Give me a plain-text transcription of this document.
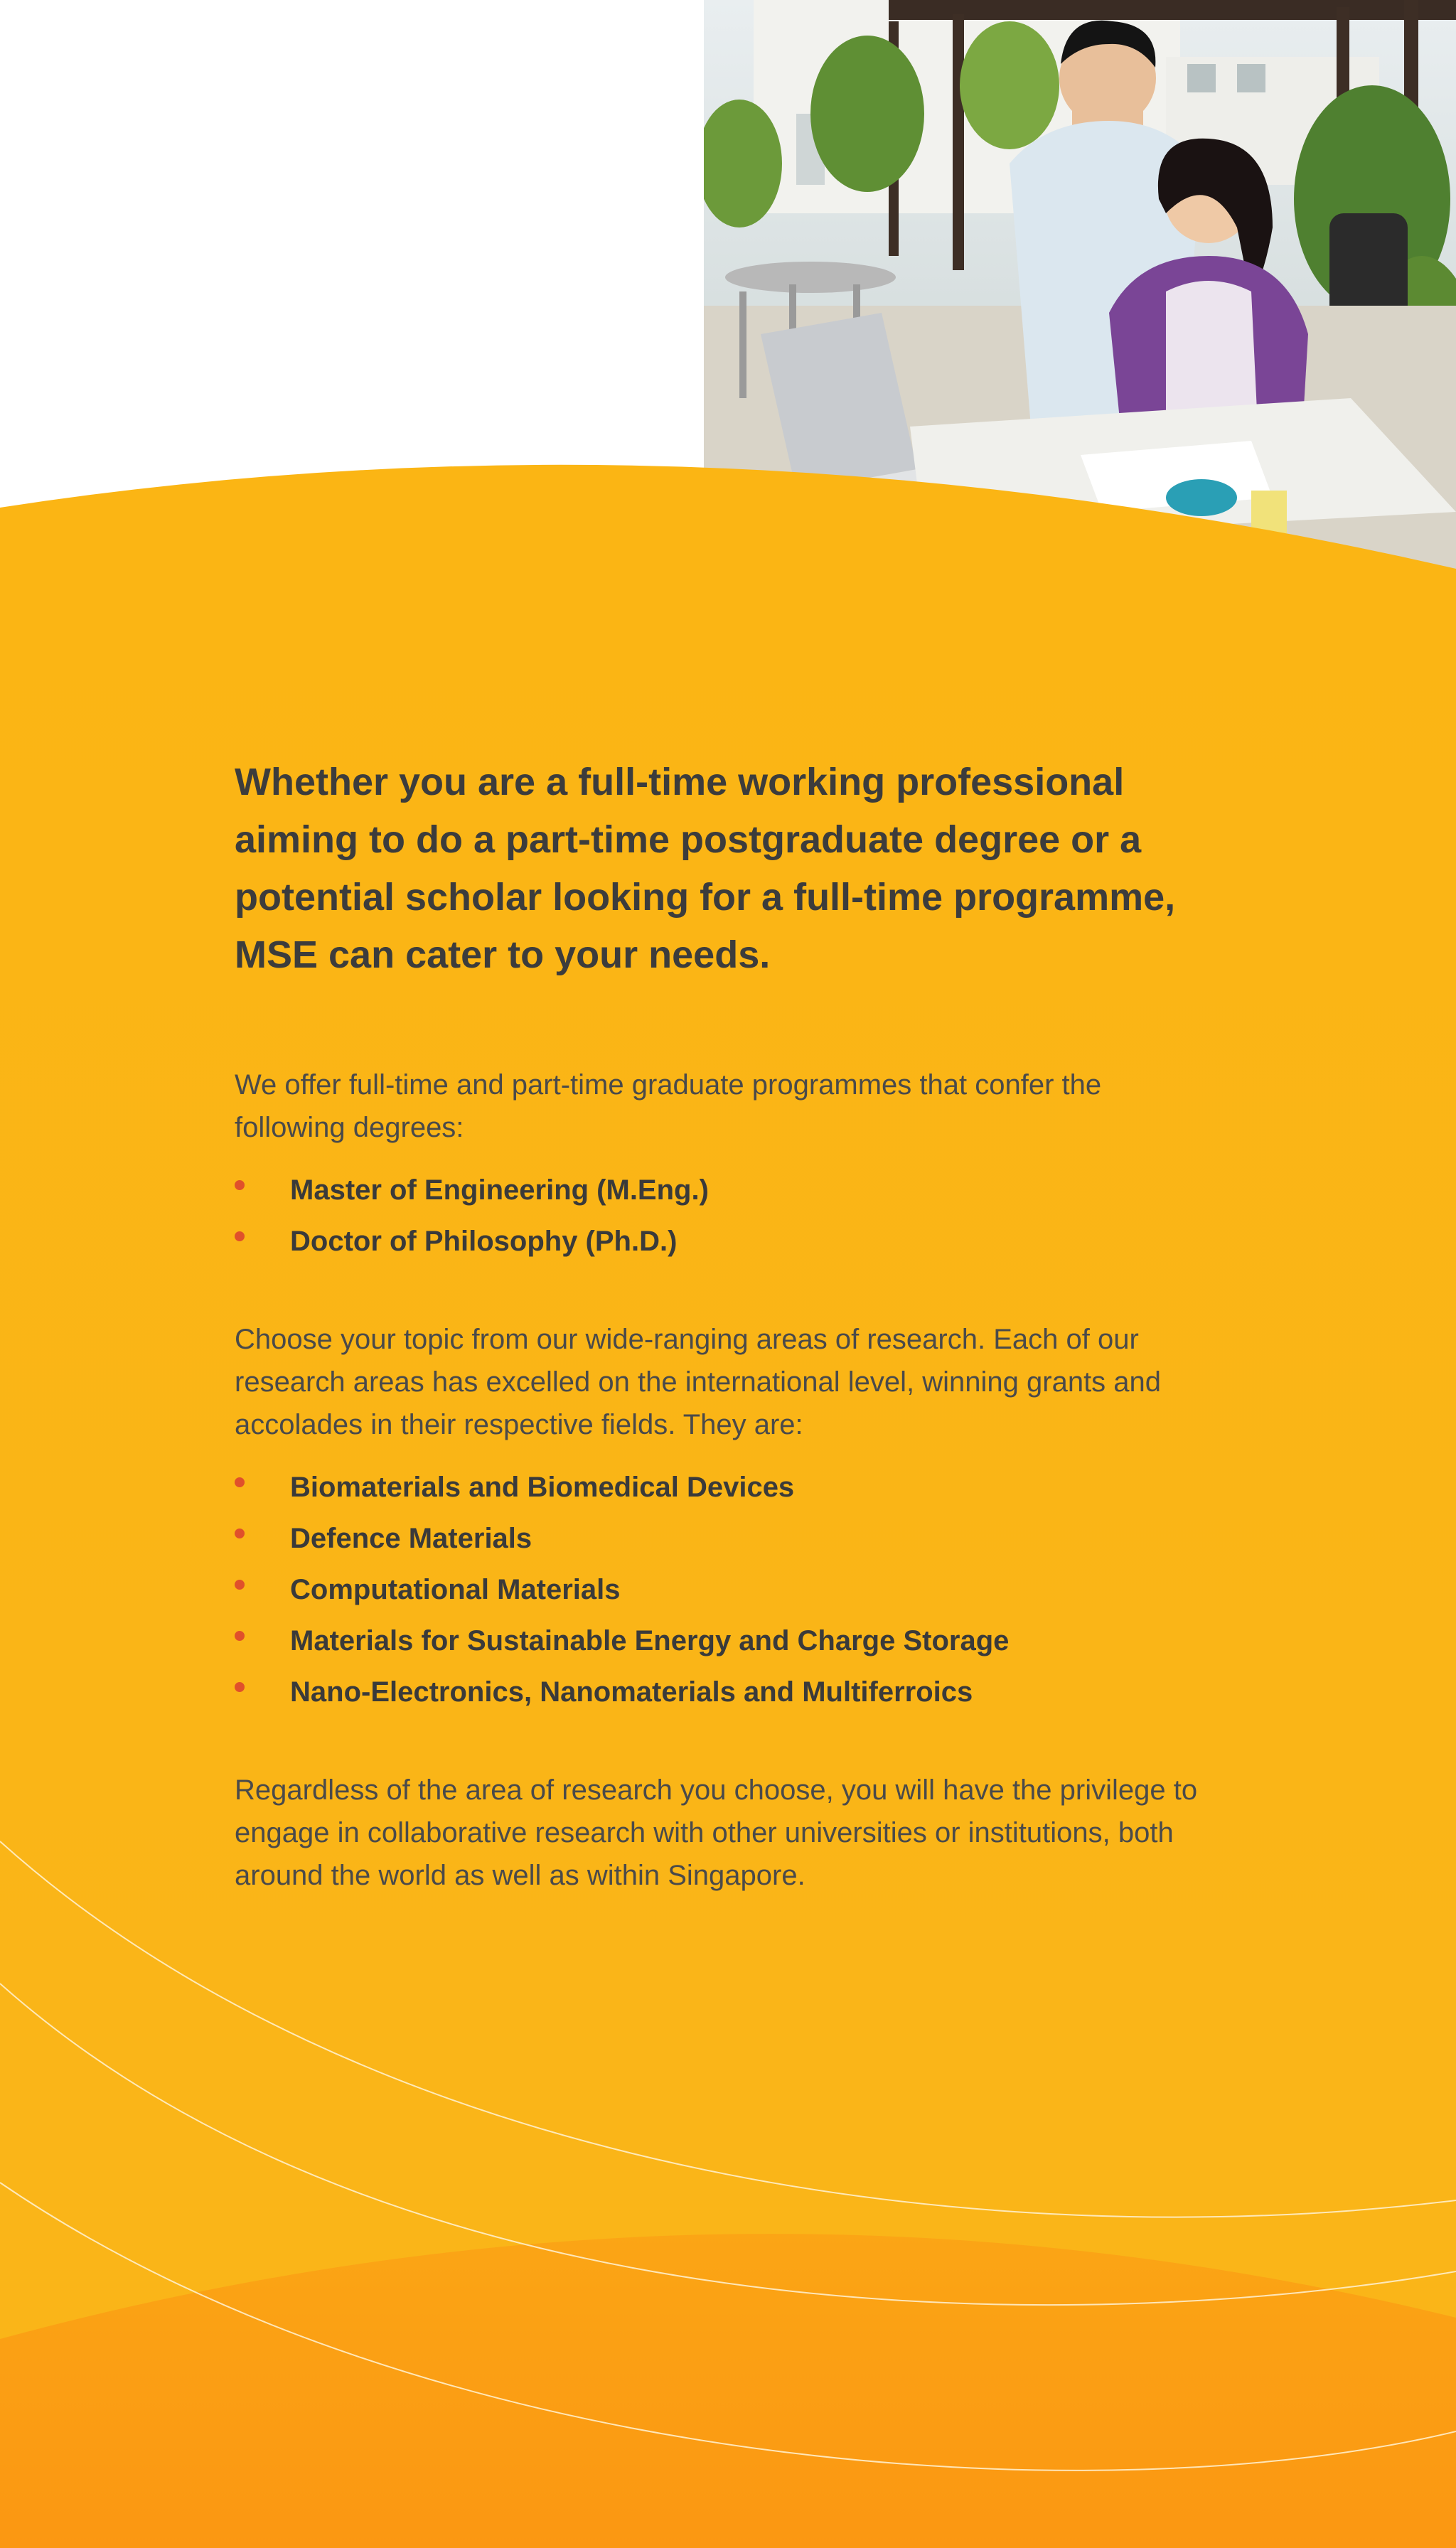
Whether you are a full-time working professional aiming to do a part-time postgraduate degree or a potential scholar looking for a full-time programme, MSE can cater to your needs.

We offer full-time and part-time graduate programmes that confer the following degrees:

Master of Engineering (M.Eng.)
Doctor of Philosophy (Ph.D.)

Choose your topic from our wide-ranging areas of research. Each of our research areas has excelled on the international level, winning grants and accolades in their respective fields. They are:

Biomaterials and Biomedical Devices
Defence Materials
Computational Materials
Materials for Sustainable Energy and Charge Storage
Nano-Electronics, Nanomaterials and Multiferroics

Regardless of the area of research you choose, you will have the privilege to engage in collaborative research with other universities or institutions, both around the world as well as within Singapore.
